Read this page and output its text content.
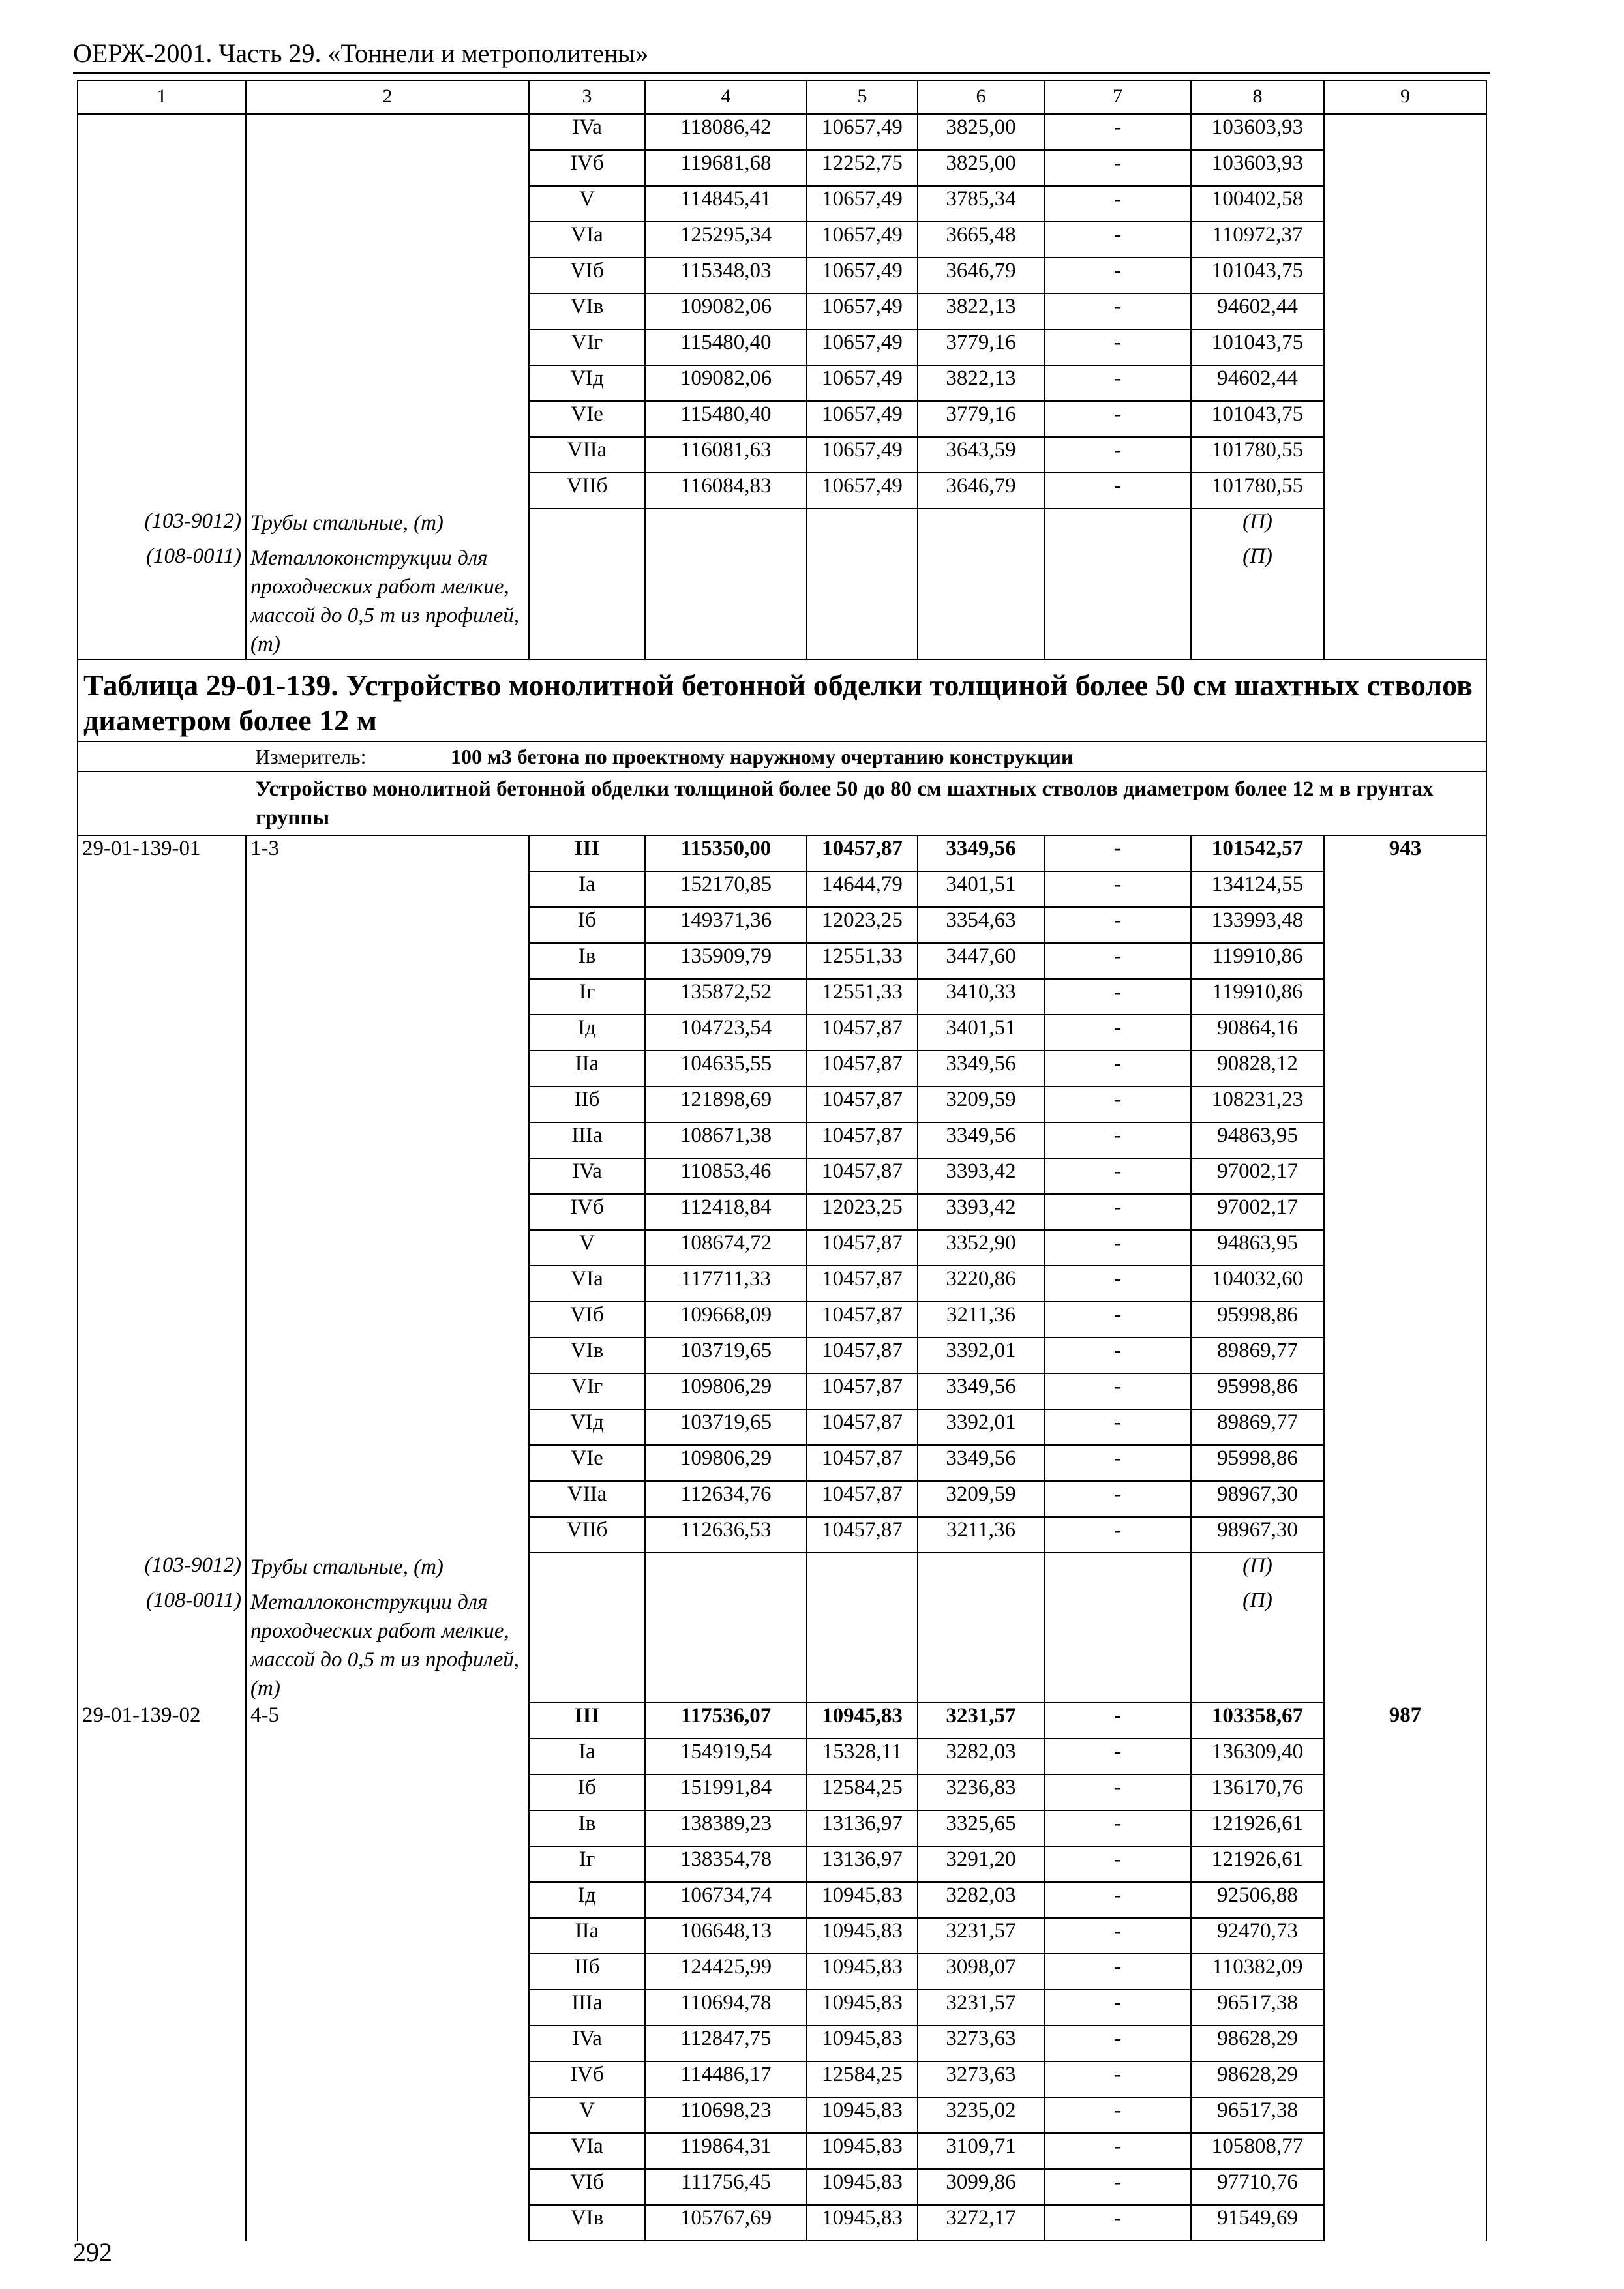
ОЕРЖ-2001. Часть 29. «Тоннели и метрополитены»
1	2	3	4	5	6	7	8	9
		IVa	118086,42	10657,49	3825,00	-	103603,93	
		IVб	119681,68	12252,75	3825,00	-	103603,93	
		V	114845,41	10657,49	3785,34	-	100402,58	
		VIa	125295,34	10657,49	3665,48	-	110972,37	
		VIб	115348,03	10657,49	3646,79	-	101043,75	
		VIв	109082,06	10657,49	3822,13	-	94602,44	
		VIг	115480,40	10657,49	3779,16	-	101043,75	
		VIд	109082,06	10657,49	3822,13	-	94602,44	
		VIe	115480,40	10657,49	3779,16	-	101043,75	
		VIIa	116081,63	10657,49	3643,59	-	101780,55	
		VIIб	116084,83	10657,49	3646,79	-	101780,55	
(103-9012)	Трубы стальные, (т)						(П)	
(108-0011)	Металлоконструкции для проходческих работ мелкие, массой до 0,5 т из профилей, (т)						(П)	
Таблица 29-01-139. Устройство монолитной бетонной обделки толщиной более 50 см шахтных стволов диаметром более 12 м								
Измеритель: 100 м3 бетона по проектному наружному очертанию конструкции								
Устройство монолитной бетонной обделки толщиной более 50 до 80 см шахтных стволов диаметром более 12 м в грунтах группы								
29-01-139-01	1-3	III	115350,00	10457,87	3349,56	-	101542,57	943
		Ia	152170,85	14644,79	3401,51	-	134124,55	
		Iб	149371,36	12023,25	3354,63	-	133993,48	
		Iв	135909,79	12551,33	3447,60	-	119910,86	
		Iг	135872,52	12551,33	3410,33	-	119910,86	
		Iд	104723,54	10457,87	3401,51	-	90864,16	
		IIa	104635,55	10457,87	3349,56	-	90828,12	
		IIб	121898,69	10457,87	3209,59	-	108231,23	
		IIIa	108671,38	10457,87	3349,56	-	94863,95	
		IVa	110853,46	10457,87	3393,42	-	97002,17	
		IVб	112418,84	12023,25	3393,42	-	97002,17	
		V	108674,72	10457,87	3352,90	-	94863,95	
		VIa	117711,33	10457,87	3220,86	-	104032,60	
		VIб	109668,09	10457,87	3211,36	-	95998,86	
		VIв	103719,65	10457,87	3392,01	-	89869,77	
		VIг	109806,29	10457,87	3349,56	-	95998,86	
		VIд	103719,65	10457,87	3392,01	-	89869,77	
		VIe	109806,29	10457,87	3349,56	-	95998,86	
		VIIa	112634,76	10457,87	3209,59	-	98967,30	
		VIIб	112636,53	10457,87	3211,36	-	98967,30	
(103-9012)	Трубы стальные, (т)						(П)	
(108-0011)	Металлоконструкции для проходческих работ мелкие, массой до 0,5 т из профилей, (т)						(П)	
29-01-139-02	4-5	III	117536,07	10945,83	3231,57	-	103358,67	987
		Ia	154919,54	15328,11	3282,03	-	136309,40	
		Iб	151991,84	12584,25	3236,83	-	136170,76	
		Iв	138389,23	13136,97	3325,65	-	121926,61	
		Iг	138354,78	13136,97	3291,20	-	121926,61	
		Iд	106734,74	10945,83	3282,03	-	92506,88	
		IIa	106648,13	10945,83	3231,57	-	92470,73	
		IIб	124425,99	10945,83	3098,07	-	110382,09	
		IIIa	110694,78	10945,83	3231,57	-	96517,38	
		IVa	112847,75	10945,83	3273,63	-	98628,29	
		IVб	114486,17	12584,25	3273,63	-	98628,29	
		V	110698,23	10945,83	3235,02	-	96517,38	
		VIa	119864,31	10945,83	3109,71	-	105808,77	
		VIб	111756,45	10945,83	3099,86	-	97710,76	
		VIв	105767,69	10945,83	3272,17	-	91549,69	
292
